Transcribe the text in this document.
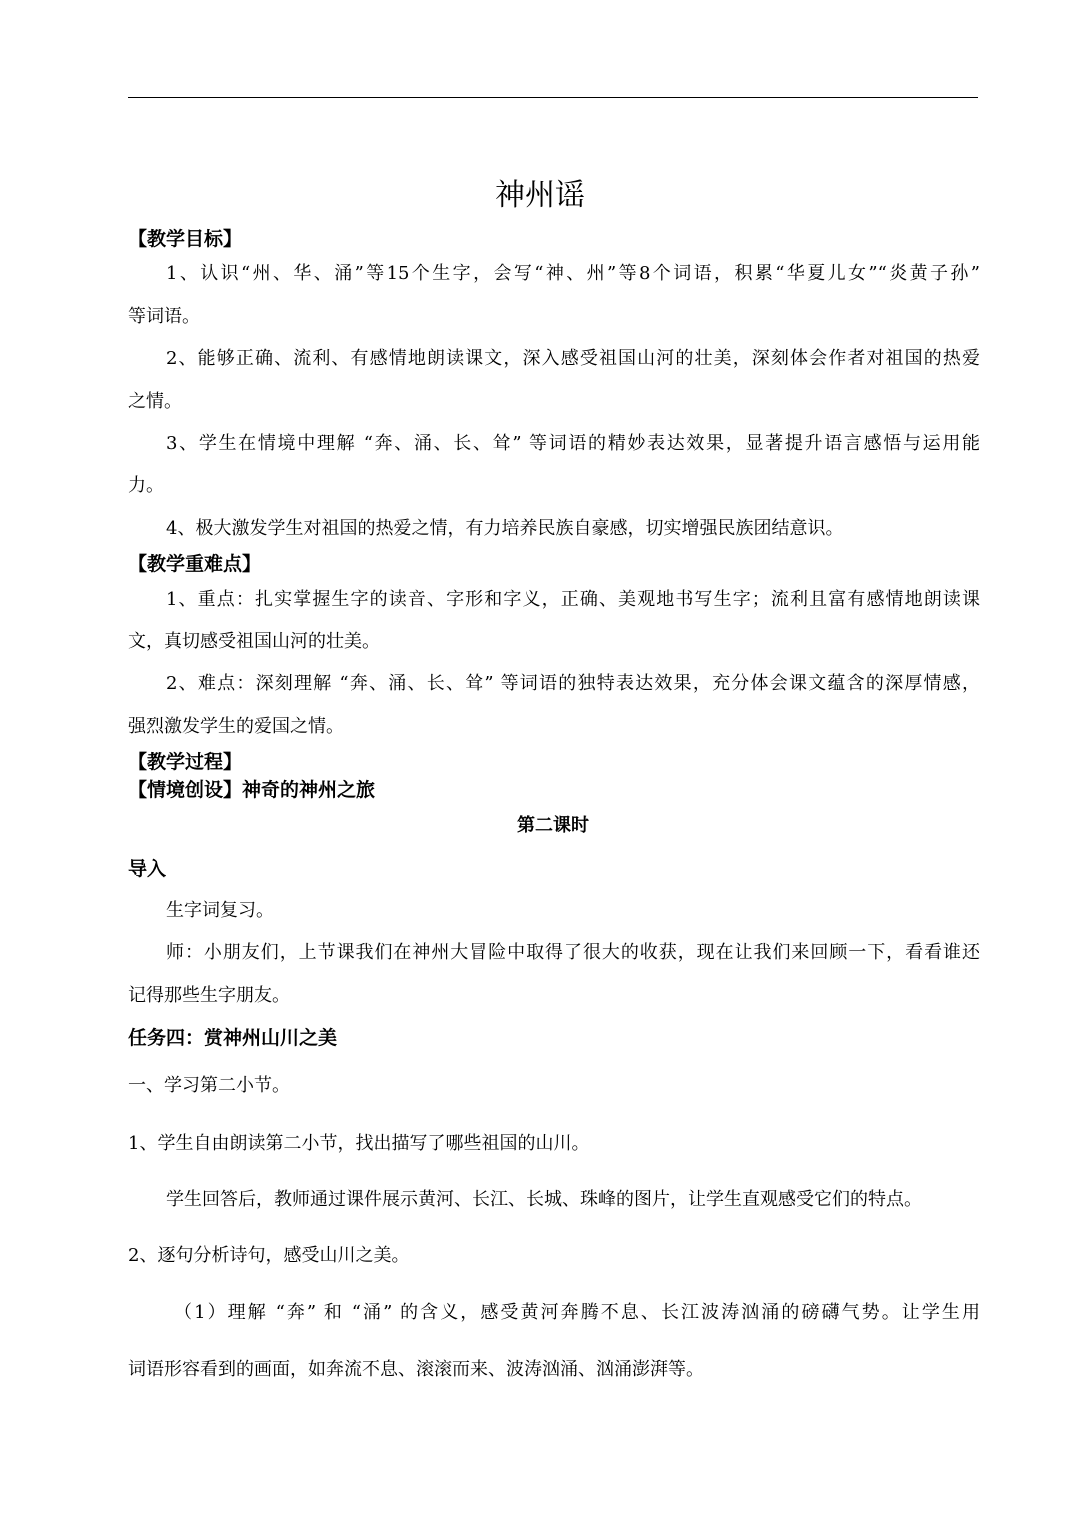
神州谣
【教学目标】
1、认识“州、华、涌”等15个生字，会写“神、州”等8个词语，积累“华夏儿女”“炎黄子孙”
等词语。
2、能够正确、流利、有感情地朗读课文，深入感受祖国山河的壮美，深刻体会作者对祖国的热爱
之情。
3、学生在情境中理解 “奔、涌、长、耸” 等词语的精妙表达效果，显著提升语言感悟与运用能
力。
4、极大激发学生对祖国的热爱之情，有力培养民族自豪感，切实增强民族团结意识。
【教学重难点】
1、重点：扎实掌握生字的读音、字形和字义，正确、美观地书写生字；流利且富有感情地朗读课
文，真切感受祖国山河的壮美。
2、难点：深刻理解 “奔、涌、长、耸” 等词语的独特表达效果，充分体会课文蕴含的深厚情感，
强烈激发学生的爱国之情。
【教学过程】
【情境创设】神奇的神州之旅
第二课时
导入
生字词复习。
师：小朋友们，上节课我们在神州大冒险中取得了很大的收获，现在让我们来回顾一下，看看谁还
记得那些生字朋友。
任务四：赏神州山川之美
一、学习第二小节。
1、学生自由朗读第二小节，找出描写了哪些祖国的山川。
学生回答后，教师通过课件展示黄河、长江、长城、珠峰的图片，让学生直观感受它们的特点。
2、逐句分析诗句，感受山川之美。
（1）理解 “奔” 和 “涌” 的含义，感受黄河奔腾不息、长江波涛汹涌的磅礴气势。让学生用
词语形容看到的画面，如奔流不息、滚滚而来、波涛汹涌、汹涌澎湃等。
